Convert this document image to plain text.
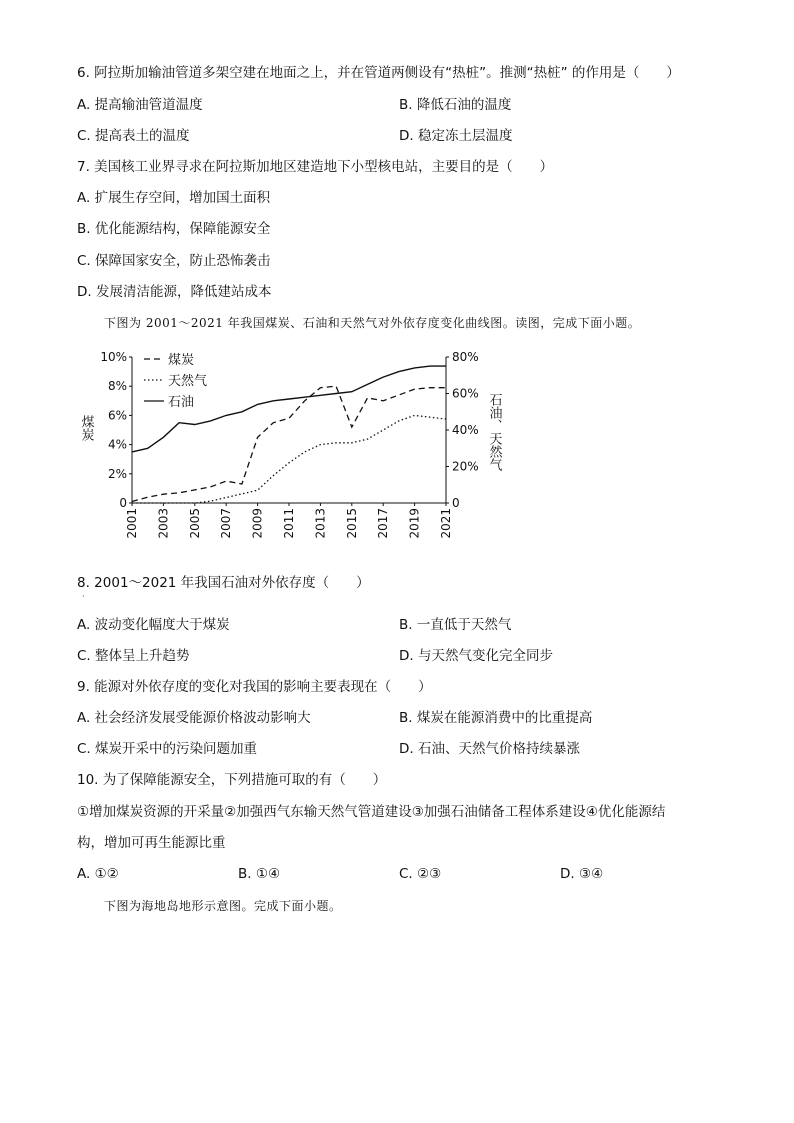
6. 阿拉斯加输油管道多架空建在地面之上，并在管道两侧设有“热桩”。推测“热桩” 的作用是（　　）
A. 提高输油管道温度	B. 降低石油的温度
C. 提高表土的温度	D. 稳定冻土层温度
7. 美国核工业界寻求在阿拉斯加地区建造地下小型核电站，主要目的是（　　）
A. 扩展生存空间，增加国土面积
B. 优化能源结构，保障能源安全
C. 保障国家安全，防止恐怖袭击
D. 发展清洁能源，降低建站成本
下图为 2001～2021 年我国煤炭、石油和天然气对外依存度变化曲线图。读图，完成下面小题。
10%
8%
6%
4%
2%
0
80%
60%
40%
20%
0
2001 2003 2005 2007 2009 2011 2013 2015 2017 2019 2021
煤炭	石油、天然气
煤炭
天然气
石油
8. 2001～2021 年我国石油对外依存度（　　）
·
A. 波动变化幅度大于煤炭	B. 一直低于天然气
C. 整体呈上升趋势	D. 与天然气变化完全同步
9. 能源对外依存度的变化对我国的影响主要表现在（　　）
A. 社会经济发展受能源价格波动影响大	B. 煤炭在能源消费中的比重提高
C. 煤炭开采中的污染问题加重	D. 石油、天然气价格持续暴涨
10. 为了保障能源安全，下列措施可取的有（　　）
①增加煤炭资源的开采量②加强西气东输天然气管道建设③加强石油储备工程体系建设④优化能源结
构，增加可再生能源比重
A. ①②	B. ①④	C. ②③	D. ③④
下图为海地岛地形示意图。完成下面小题。
